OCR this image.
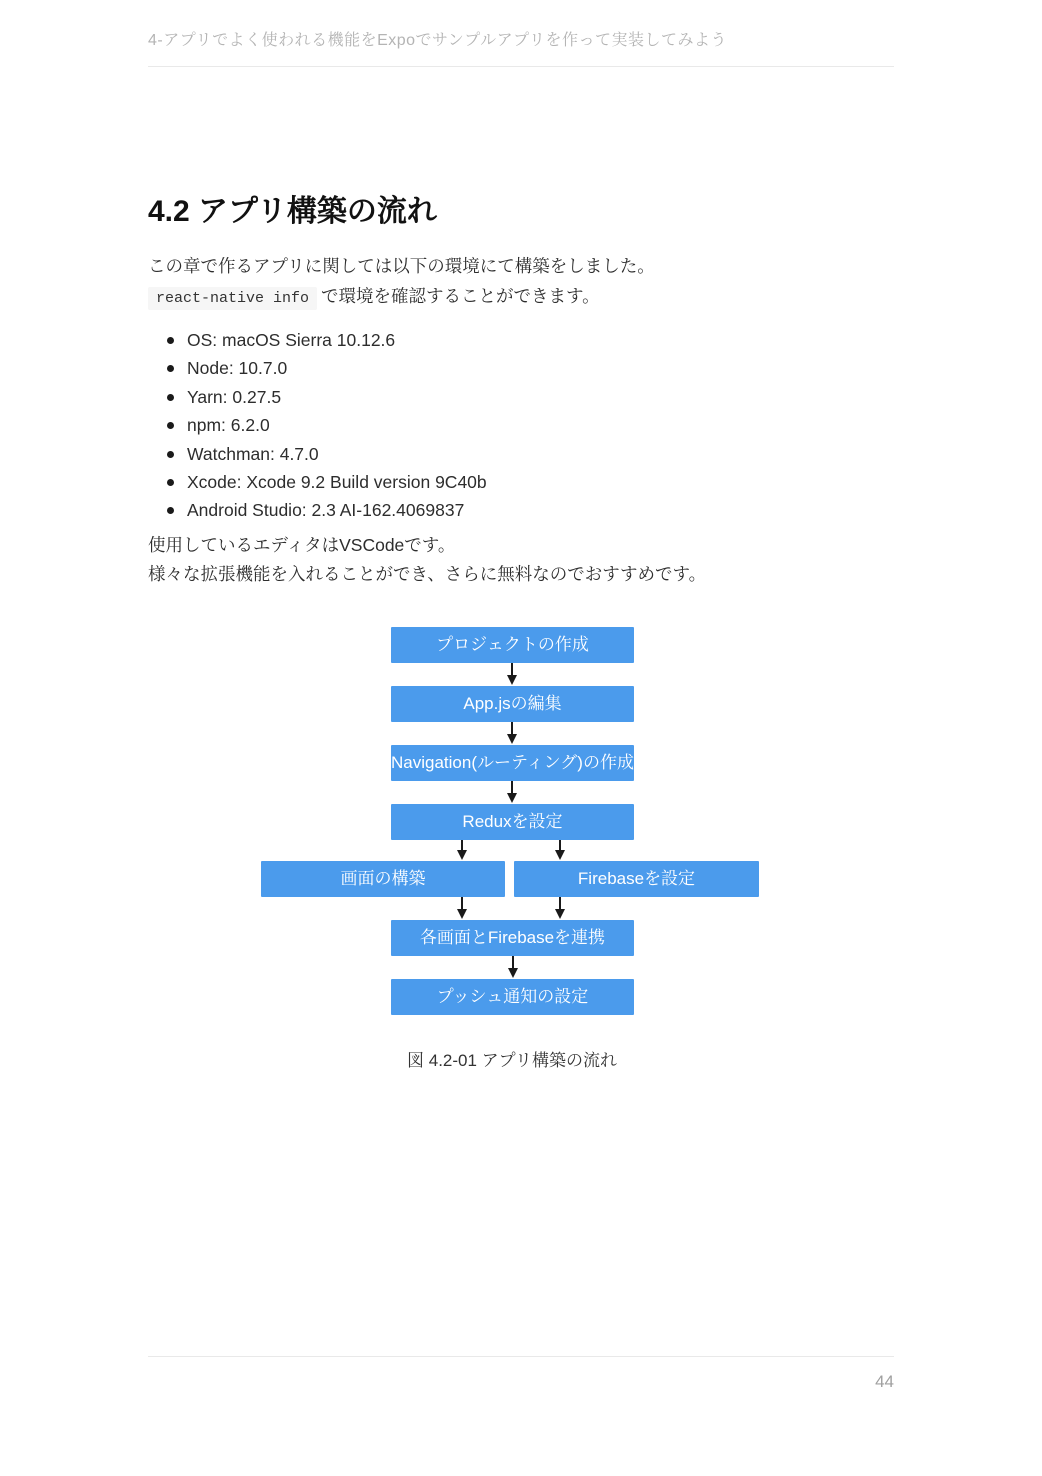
4-アプリでよく使われる機能をExpoでサンプルアプリを作って実装してみよう
4.2 アプリ構築の流れ
この章で作るアプリに関しては以下の環境にて構築をしました。
react-native info で環境を確認することができます。
OS: macOS Sierra 10.12.6
Node: 10.7.0
Yarn: 0.27.5
npm: 6.2.0
Watchman: 4.7.0
Xcode: Xcode 9.2 Build version 9C40b
Android Studio: 2.3 AI-162.4069837
使用しているエディタはVSCodeです。
様々な拡張機能を入れることができ、さらに無料なのでおすすめです。
プロジェクトの作成
App.jsの編集
Navigation(ルーティング)の作成
Reduxを設定
画面の構築	Firebaseを設定
各画面とFirebaseを連携
プッシュ通知の設定
図 4.2-01 アプリ構築の流れ
44
